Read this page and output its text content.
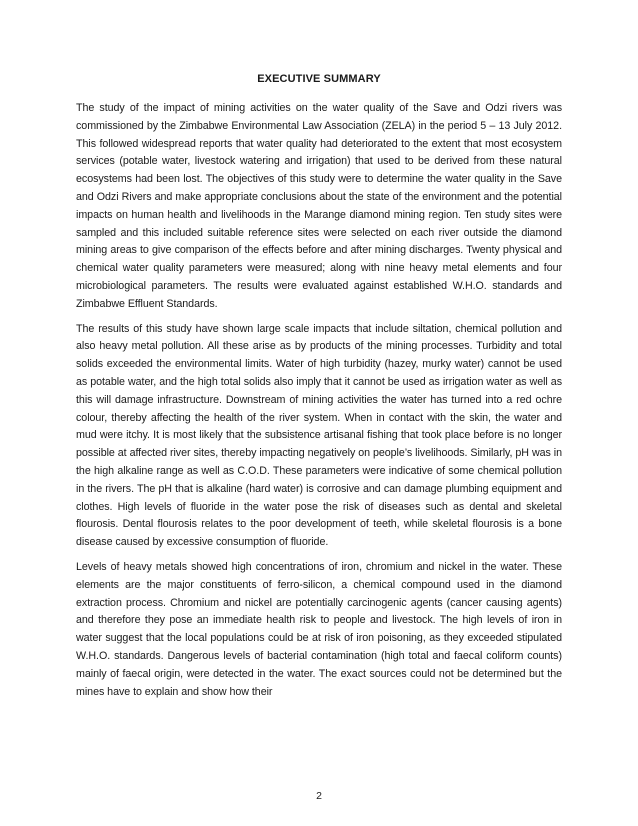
EXECUTIVE SUMMARY

The study of the impact of mining activities on the water quality of the Save and Odzi rivers was commissioned by the Zimbabwe Environmental Law Association (ZELA) in the period 5 – 13 July 2012. This followed widespread reports that water quality had deteriorated to the extent that most ecosystem services (potable water, livestock watering and irrigation) that used to be derived from these natural ecosystems had been lost. The objectives of this study were to determine the water quality in the Save and Odzi Rivers and make appropriate conclusions about the state of the environment and the potential impacts on human health and livelihoods in the Marange diamond mining region. Ten study sites were sampled and this included suitable reference sites were selected on each river outside the diamond mining areas to give comparison of the effects before and after mining discharges. Twenty physical and chemical water quality parameters were measured; along with nine heavy metal elements and four microbiological parameters. The results were evaluated against established W.H.O. standards and Zimbabwe Effluent Standards.

The results of this study have shown large scale impacts that include siltation, chemical pollution and also heavy metal pollution. All these arise as by products of the mining processes. Turbidity and total solids exceeded the environmental limits. Water of high turbidity (hazey, murky water) cannot be used as potable water, and the high total solids also imply that it cannot be used as irrigation water as well as this will damage infrastructure. Downstream of mining activities the water has turned into a red ochre colour, thereby affecting the health of the river system. When in contact with the skin, the water and mud were itchy. It is most likely that the subsistence artisanal fishing that took place before is no longer possible at affected river sites, thereby impacting negatively on people’s livelihoods. Similarly, pH was in the high alkaline range as well as C.O.D. These parameters were indicative of some chemical pollution in the rivers. The pH that is alkaline (hard water) is corrosive and can damage plumbing equipment and clothes. High levels of fluoride in the water pose the risk of diseases such as dental and skeletal flourosis. Dental flourosis relates to the poor development of teeth, while skeletal flourosis is a bone disease caused by excessive consumption of fluoride.

Levels of heavy metals showed high concentrations of iron, chromium and nickel in the water. These elements are the major constituents of ferro-silicon, a chemical compound used in the diamond extraction process. Chromium and nickel are potentially carcinogenic agents (cancer causing agents) and therefore they pose an immediate health risk to people and livestock. The high levels of iron in water suggest that the local populations could be at risk of iron poisoning, as they exceeded stipulated W.H.O. standards. Dangerous levels of bacterial contamination (high total and faecal coliform counts) mainly of faecal origin, were detected in the water. The exact sources could not be determined but the mines have to explain and show how their

2
